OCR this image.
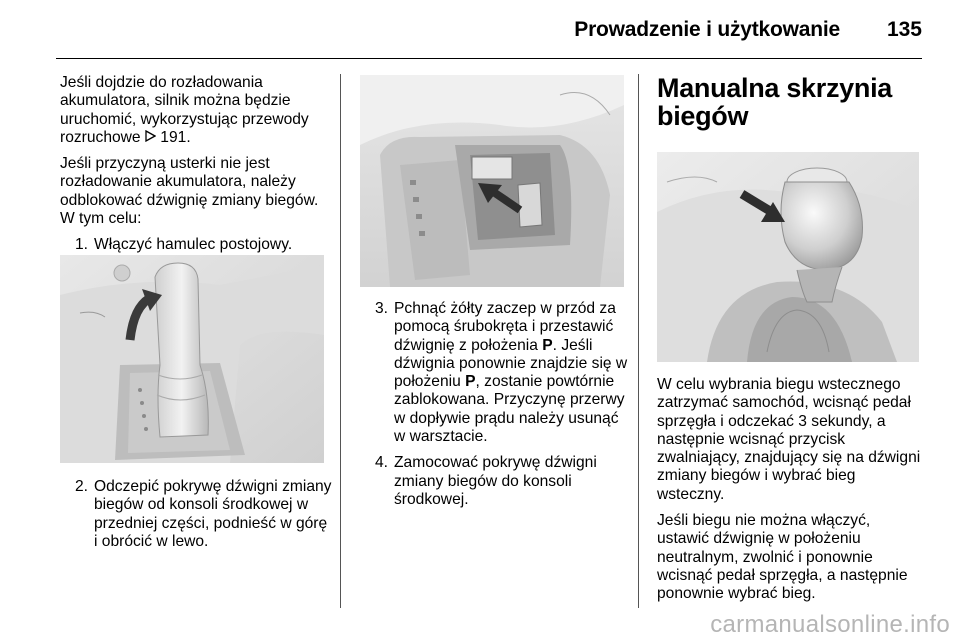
Prowadzenie i użytkowanie 135

Jeśli dojdzie do rozładowania akumulatora, silnik można będzie uruchomić, wykorzystując przewody rozruchowe 191.

Jeśli przyczyną usterki nie jest rozładowanie akumulatora, należy odblokować dźwignię zmiany biegów. W tym celu:

1. Włączyć hamulec postojowy.
2. Odczepić pokrywę dźwigni zmiany biegów od konsoli środkowej w przedniej części, podnieść w górę i obrócić w lewo.
3. Pchnąć żółty zaczep w przód za pomocą śrubokręta i przestawić dźwignię z położenia P. Jeśli dźwignia ponownie znajdzie się w położeniu P, zostanie powtórnie zablokowana. Przyczynę przerwy w dopływie prądu należy usunąć w warsztacie.
4. Zamocować pokrywę dźwigni zmiany biegów do konsoli środkowej.
Manualna skrzynia biegów

W celu wybrania biegu wstecznego zatrzymać samochód, wcisnąć pedał sprzęgła i odczekać 3 sekundy, a następnie wcisnąć przycisk zwalniający, znajdujący się na dźwigni zmiany biegów i wybrać bieg wsteczny.

Jeśli biegu nie można włączyć, ustawić dźwignię w położeniu neutralnym, zwolnić i ponownie wcisnąć pedał sprzęgła, a następnie ponownie wybrać bieg.

carmanualsonline.info
